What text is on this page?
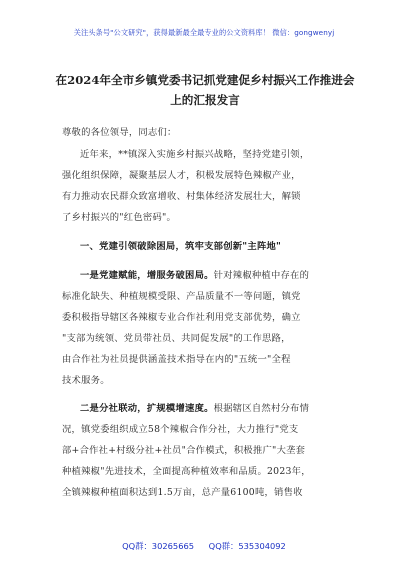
关注头条号"公文研究"，获得最新最全最专业的公文资料库！ 微信：gongwenyj
在2024年全市乡镇党委书记抓党建促乡村振兴工作推进会
上的汇报发言
尊敬的各位领导，同志们：
近年来，**镇深入实施乡村振兴战略，坚持党建引领，
强化组织保障，凝聚基层人才，积极发展特色辣椒产业，
有力推动农民群众致富增收、村集体经济发展壮大，解锁
了乡村振兴的"红色密码"。
一、党建引领破除困局，筑牢支部创新"主阵地"
一是党建赋能，增服务破困局。针对辣椒种植中存在的
标准化缺失、种植规模受限、产品质量不一等问题，镇党
委积极指导辖区各辣椒专业合作社利用党支部优势，确立
"支部为统领、党员带社员、共同促发展"的工作思路，
由合作社为社员提供涵盖技术指导在内的"五统一"全程
技术服务。
二是分社联动，扩规模增速度。根据辖区自然村分布情
况，镇党委组织成立58个辣椒合作分社，大力推行"党支
部+合作社+村级分社+社员"合作模式，积极推广"大垄套
种植辣椒"先进技术，全面提高种植效率和品质。2023年，
全镇辣椒种植面积达到1.5万亩，总产量6100吨，销售收
QQ群：30265665 QQ群：535304092
